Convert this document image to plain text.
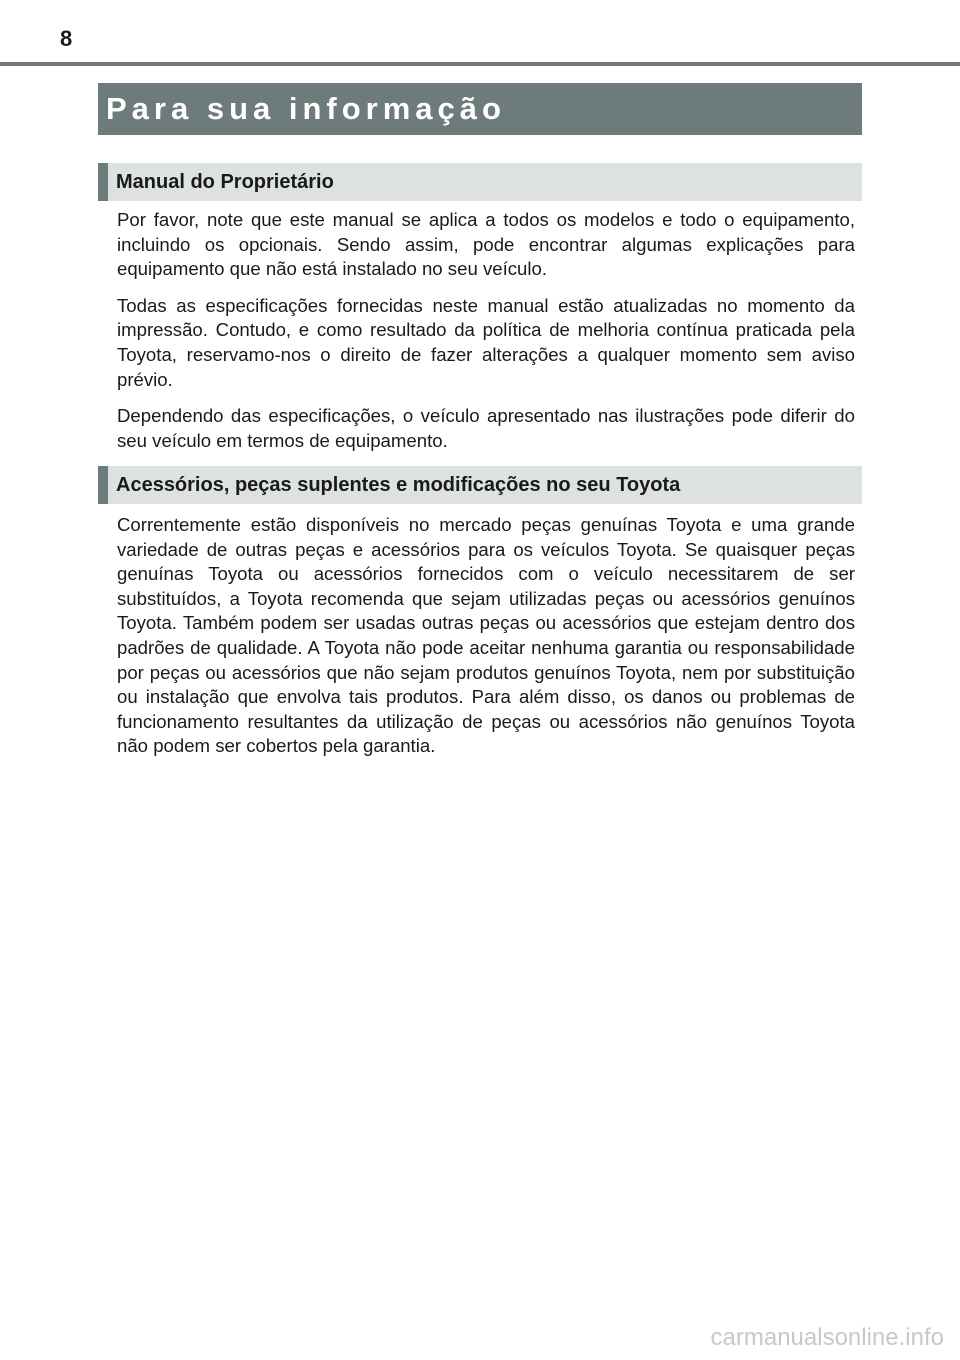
8
Para sua informação
Manual do Proprietário

Por favor, note que este manual se aplica a todos os modelos e todo o equipamento, incluindo os opcionais. Sendo assim, pode encontrar algumas explicações para equipamento que não está instalado no seu veículo.

Todas as especificações fornecidas neste manual estão atualizadas no momento da impressão. Contudo, e como resultado da política de melhoria contínua praticada pela Toyota, reservamo-nos o direito de fazer alterações a qualquer momento sem aviso prévio.

Dependendo das especificações, o veículo apresentado nas ilustrações pode diferir do seu veículo em termos de equipamento.

Acessórios, peças suplentes e modificações no seu Toyota

Correntemente estão disponíveis no mercado peças genuínas Toyota e uma grande variedade de outras peças e acessórios para os veículos Toyota. Se quaisquer peças genuínas Toyota ou acessórios fornecidos com o veículo necessitarem de ser substituídos, a Toyota recomenda que sejam utilizadas peças ou acessórios genuínos Toyota. Também podem ser usadas outras peças ou acessórios que estejam dentro dos padrões de qualidade. A Toyota não pode aceitar nenhuma garantia ou responsabilidade por peças ou acessórios que não sejam produtos genuínos Toyota, nem por substituição ou instalação que envolva tais produtos. Para além disso, os danos ou problemas de funcionamento resultantes da utilização de peças ou acessórios não genuínos Toyota não podem ser cobertos pela garantia.

carmanualsonline.info
